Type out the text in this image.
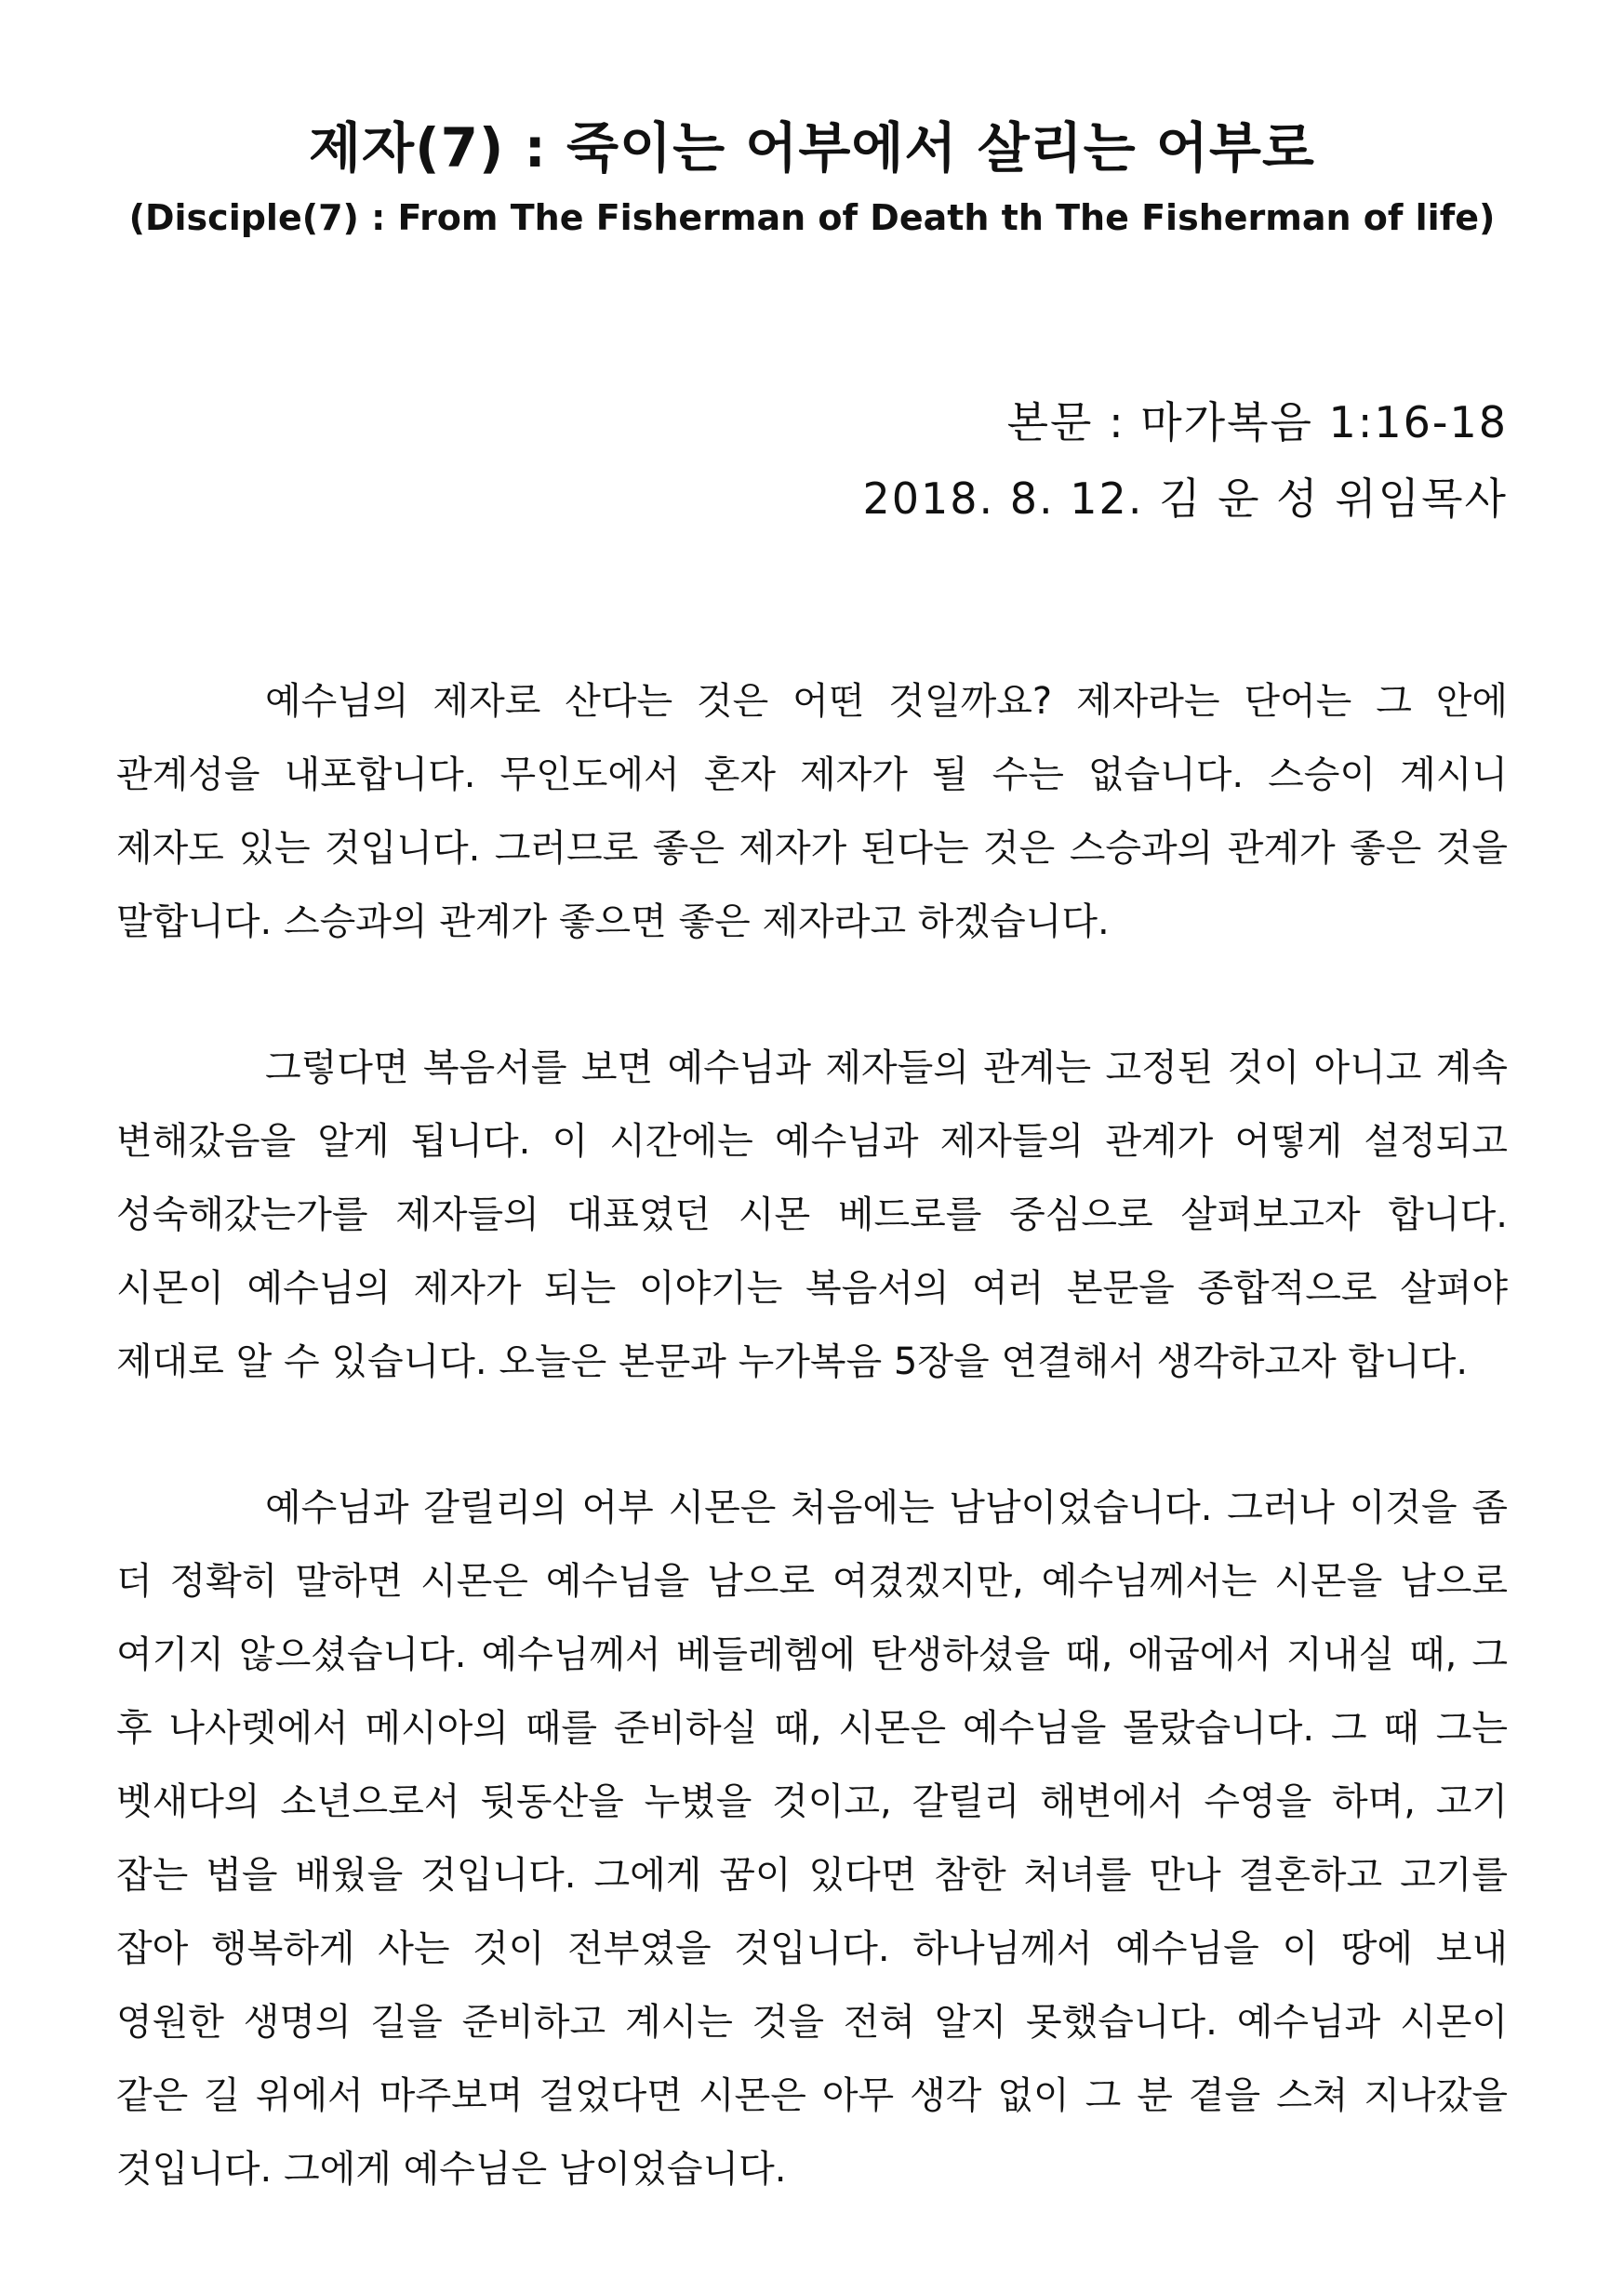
제자(7) : 죽이는 어부에서 살리는 어부로

(Disciple(7) : From The Fisherman of Death th The Fisherman of life)

본문 : 마가복음 1:16-18

2018. 8. 12. 김 운 성 위임목사

예수님의 제자로 산다는 것은 어떤 것일까요? 제자라는 단어는 그 안에 관계성을 내포합니다. 무인도에서 혼자 제자가 될 수는 없습니다. 스승이 계시니 제자도 있는 것입니다. 그러므로 좋은 제자가 된다는 것은 스승과의 관계가 좋은 것을 말합니다. 스승과의 관계가 좋으면 좋은 제자라고 하겠습니다.

그렇다면 복음서를 보면 예수님과 제자들의 관계는 고정된 것이 아니고 계속 변해갔음을 알게 됩니다. 이 시간에는 예수님과 제자들의 관계가 어떻게 설정되고 성숙해갔는가를 제자들의 대표였던 시몬 베드로를 중심으로 살펴보고자 합니다. 시몬이 예수님의 제자가 되는 이야기는 복음서의 여러 본문을 종합적으로 살펴야 제대로 알 수 있습니다. 오늘은 본문과 누가복음 5장을 연결해서 생각하고자 합니다.

예수님과 갈릴리의 어부 시몬은 처음에는 남남이었습니다. 그러나 이것을 좀 더 정확히 말하면 시몬은 예수님을 남으로 여겼겠지만, 예수님께서는 시몬을 남으로 여기지 않으셨습니다. 예수님께서 베들레헴에 탄생하셨을 때, 애굽에서 지내실 때, 그 후 나사렛에서 메시아의 때를 준비하실 때, 시몬은 예수님을 몰랐습니다. 그 때 그는 벳새다의 소년으로서 뒷동산을 누볐을 것이고, 갈릴리 해변에서 수영을 하며, 고기 잡는 법을 배웠을 것입니다. 그에게 꿈이 있다면 참한 처녀를 만나 결혼하고 고기를 잡아 행복하게 사는 것이 전부였을 것입니다. 하나님께서 예수님을 이 땅에 보내 영원한 생명의 길을 준비하고 계시는 것을 전혀 알지 못했습니다. 예수님과 시몬이 같은 길 위에서 마주보며 걸었다면 시몬은 아무 생각 없이 그 분 곁을 스쳐 지나갔을 것입니다. 그에게 예수님은 남이었습니다.
